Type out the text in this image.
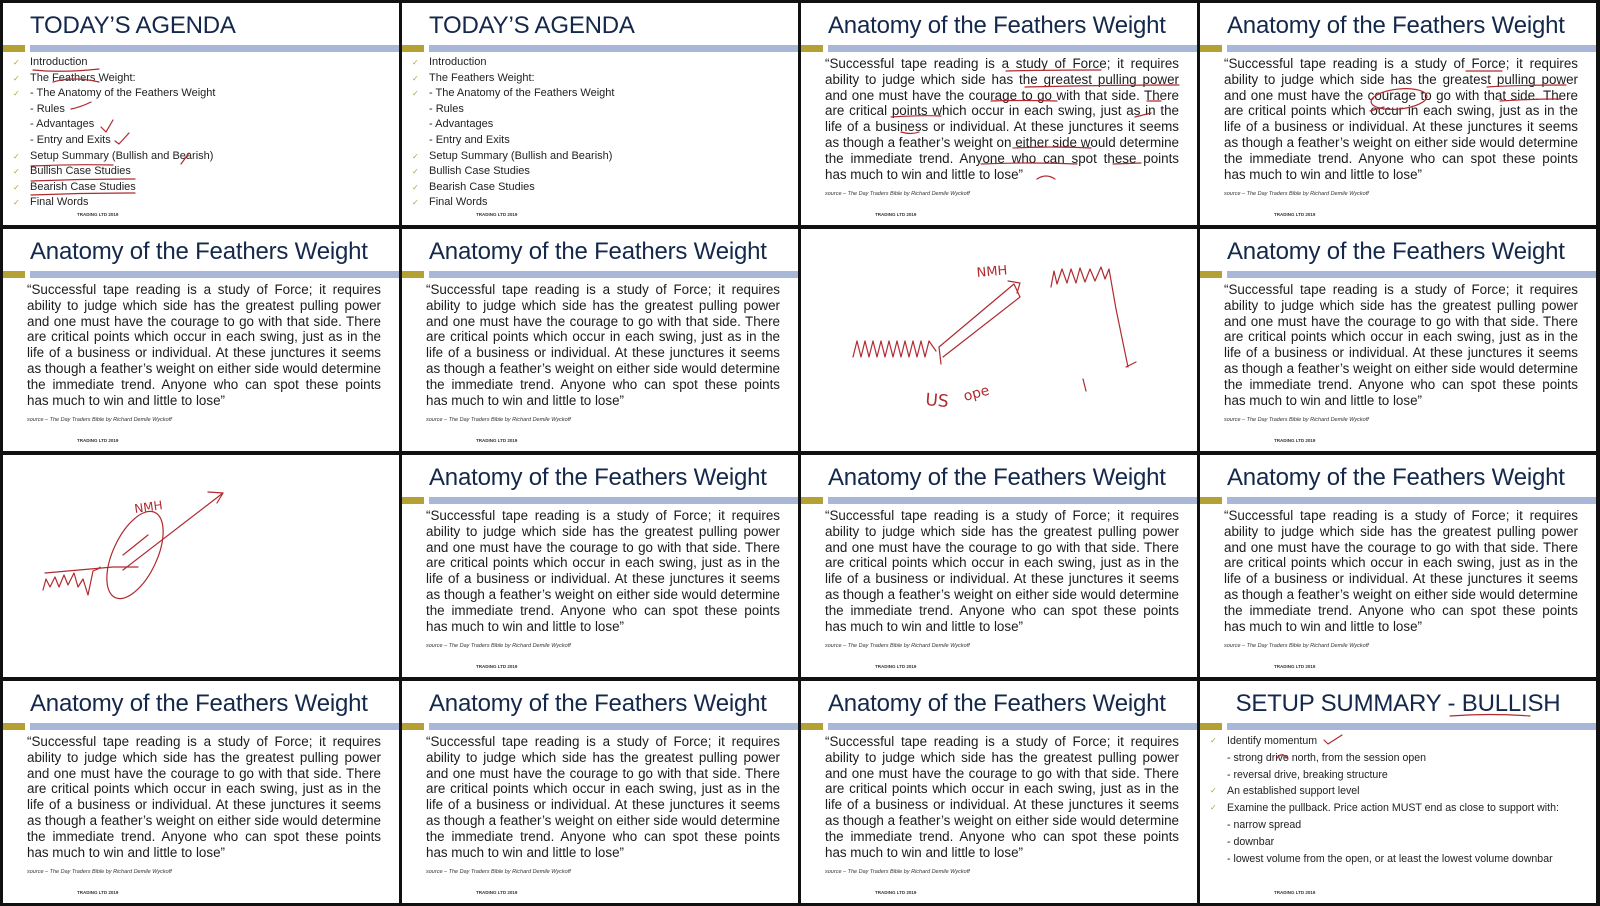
TODAY’S AGENDA
✓ Introduction
✓ The Feathers Weight:
✓ - The Anatomy of the Feathers Weight
- Rules
- Advantages
- Entry and Exits
✓ Setup Summary (Bullish and Bearish)
✓ Bullish Case Studies
✓ Bearish Case Studies
✓ Final Words
TRADING LTD 2019
TODAY’S AGENDA
✓ Introduction
✓ The Feathers Weight:
✓ - The Anatomy of the Feathers Weight
- Rules
- Advantages
- Entry and Exits
✓ Setup Summary (Bullish and Bearish)
✓ Bullish Case Studies
✓ Bearish Case Studies
✓ Final Words
TRADING LTD 2019
Anatomy of the Feathers Weight
“Successful tape reading is a study of Force; it requires ability to judge which side has the greatest pulling power and one must have the courage to go with that side. There are critical points which occur in each swing, just as in the life of a business or individual. At these junctures it seems as though a feather’s weight on either side would determine the immediate trend. Anyone who can spot these points has much to win and little to lose”
source – The Day Traders Bible by Richard Demile Wyckoff
TRADING LTD 2019
Anatomy of the Feathers Weight
“Successful tape reading is a study of Force; it requires ability to judge which side has the greatest pulling power and one must have the courage to go with that side. There are critical points which occur in each swing, just as in the life of a business or individual. At these junctures it seems as though a feather’s weight on either side would determine the immediate trend. Anyone who can spot these points has much to win and little to lose”
source – The Day Traders Bible by Richard Demile Wyckoff
TRADING LTD 2019
Anatomy of the Feathers Weight
“Successful tape reading is a study of Force; it requires ability to judge which side has the greatest pulling power and one must have the courage to go with that side. There are critical points which occur in each swing, just as in the life of a business or individual. At these junctures it seems as though a feather’s weight on either side would determine the immediate trend. Anyone who can spot these points has much to win and little to lose”
source – The Day Traders Bible by Richard Demile Wyckoff
TRADING LTD 2019
Anatomy of the Feathers Weight
“Successful tape reading is a study of Force; it requires ability to judge which side has the greatest pulling power and one must have the courage to go with that side. There are critical points which occur in each swing, just as in the life of a business or individual. At these junctures it seems as though a feather’s weight on either side would determine the immediate trend. Anyone who can spot these points has much to win and little to lose”
source – The Day Traders Bible by Richard Demile Wyckoff
TRADING LTD 2019
NMH
US ope
Anatomy of the Feathers Weight
“Successful tape reading is a study of Force; it requires ability to judge which side has the greatest pulling power and one must have the courage to go with that side. There are critical points which occur in each swing, just as in the life of a business or individual. At these junctures it seems as though a feather’s weight on either side would determine the immediate trend. Anyone who can spot these points has much to win and little to lose”
source – The Day Traders Bible by Richard Demile Wyckoff
TRADING LTD 2019
NMH
Anatomy of the Feathers Weight
“Successful tape reading is a study of Force; it requires ability to judge which side has the greatest pulling power and one must have the courage to go with that side. There are critical points which occur in each swing, just as in the life of a business or individual. At these junctures it seems as though a feather’s weight on either side would determine the immediate trend. Anyone who can spot these points has much to win and little to lose”
source – The Day Traders Bible by Richard Demile Wyckoff
TRADING LTD 2019
Anatomy of the Feathers Weight
“Successful tape reading is a study of Force; it requires ability to judge which side has the greatest pulling power and one must have the courage to go with that side. There are critical points which occur in each swing, just as in the life of a business or individual. At these junctures it seems as though a feather’s weight on either side would determine the immediate trend. Anyone who can spot these points has much to win and little to lose”
source – The Day Traders Bible by Richard Demile Wyckoff
TRADING LTD 2019
Anatomy of the Feathers Weight
“Successful tape reading is a study of Force; it requires ability to judge which side has the greatest pulling power and one must have the courage to go with that side. There are critical points which occur in each swing, just as in the life of a business or individual. At these junctures it seems as though a feather’s weight on either side would determine the immediate trend. Anyone who can spot these points has much to win and little to lose”
source – The Day Traders Bible by Richard Demile Wyckoff
TRADING LTD 2019
Anatomy of the Feathers Weight
“Successful tape reading is a study of Force; it requires ability to judge which side has the greatest pulling power and one must have the courage to go with that side. There are critical points which occur in each swing, just as in the life of a business or individual. At these junctures it seems as though a feather’s weight on either side would determine the immediate trend. Anyone who can spot these points has much to win and little to lose”
source – The Day Traders Bible by Richard Demile Wyckoff
TRADING LTD 2019
Anatomy of the Feathers Weight
“Successful tape reading is a study of Force; it requires ability to judge which side has the greatest pulling power and one must have the courage to go with that side. There are critical points which occur in each swing, just as in the life of a business or individual. At these junctures it seems as though a feather’s weight on either side would determine the immediate trend. Anyone who can spot these points has much to win and little to lose”
source – The Day Traders Bible by Richard Demile Wyckoff
TRADING LTD 2019
Anatomy of the Feathers Weight
“Successful tape reading is a study of Force; it requires ability to judge which side has the greatest pulling power and one must have the courage to go with that side. There are critical points which occur in each swing, just as in the life of a business or individual. At these junctures it seems as though a feather’s weight on either side would determine the immediate trend. Anyone who can spot these points has much to win and little to lose”
source – The Day Traders Bible by Richard Demile Wyckoff
TRADING LTD 2019
SETUP SUMMARY - BULLISH
✓ Identify momentum
- strong drive north, from the session open
- reversal drive, breaking structure
✓ An established support level
✓ Examine the pullback. Price action MUST end as close to support with:
- narrow spread
- downbar
- lowest volume from the open, or at least the lowest volume downbar
TRADING LTD 2019
